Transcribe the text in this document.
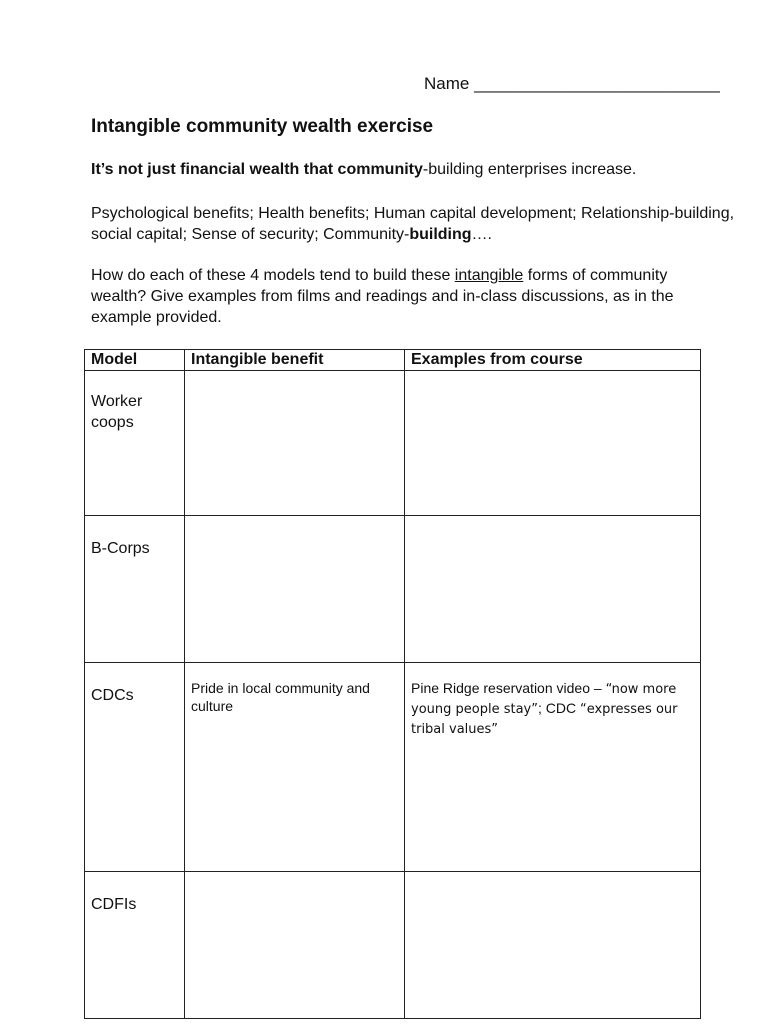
Name __________________________
Intangible community wealth exercise

It’s not just financial wealth that community-building enterprises increase.

Psychological benefits; Health benefits; Human capital development; Relationship-building, social capital; Sense of security; Community-building….

How do each of these 4 models tend to build these intangible forms of community wealth? Give examples from films and readings and in-class discussions, as in the example provided.

Model	Intangible benefit	Examples from course
Worker coops		
B-Corps		
CDCs	Pride in local community and culture	Pine Ridge reservation video – “now more young people stay”; CDC “expresses our tribal values”
CDFIs		
